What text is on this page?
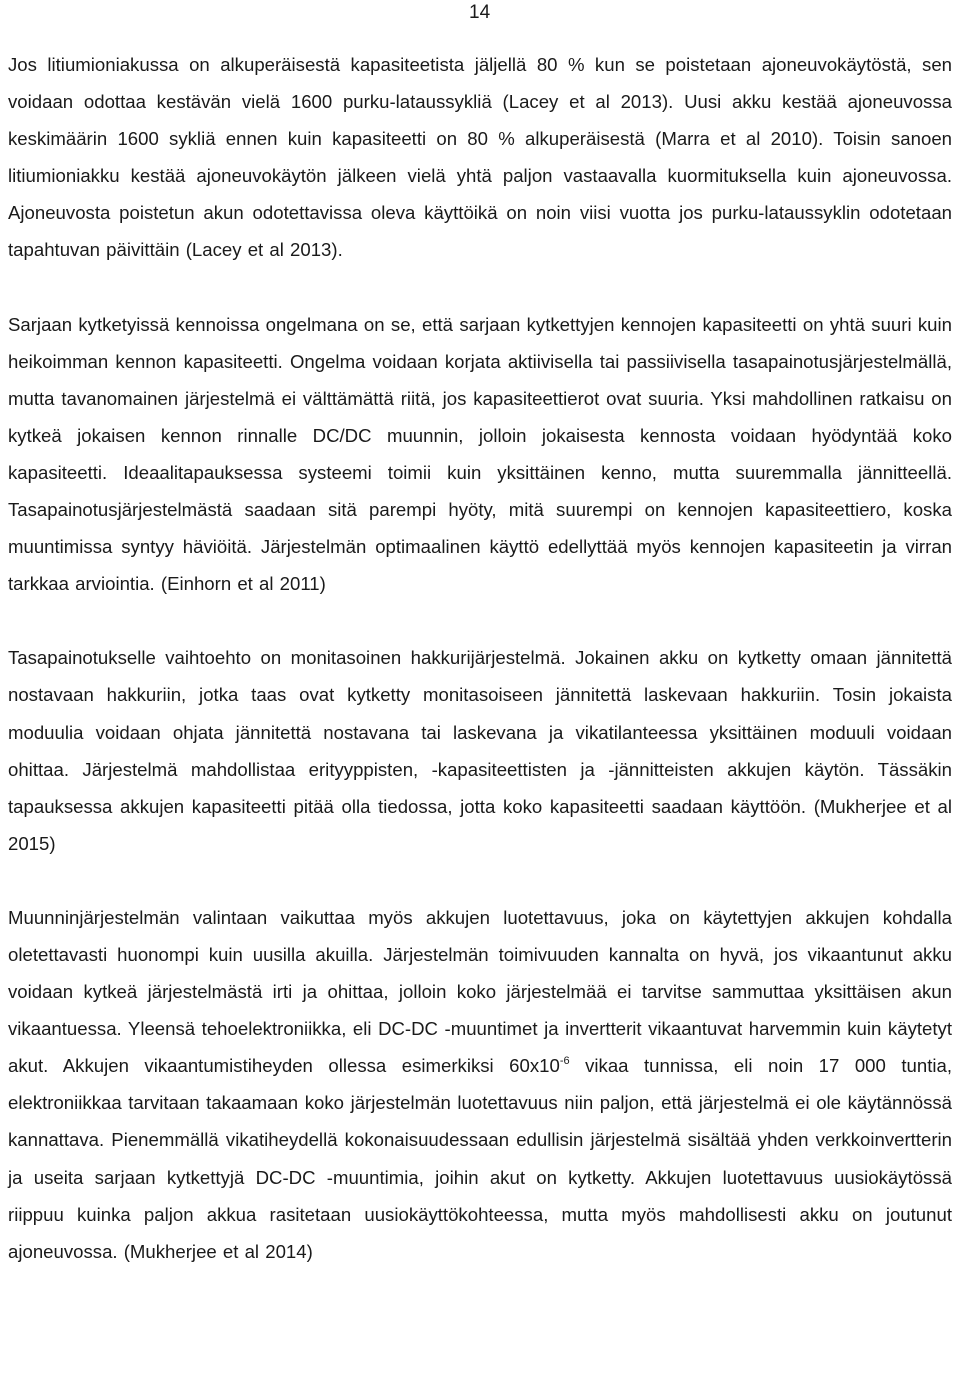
14

Jos litiumioniakussa on alkuperäisestä kapasiteetista jäljellä 80 % kun se poistetaan ajoneuvokäytöstä, sen voidaan odottaa kestävän vielä 1600 purku-lataussykliä (Lacey et al 2013). Uusi akku kestää ajoneuvossa keskimäärin 1600 sykliä ennen kuin kapasiteetti on 80 % alkuperäisestä (Marra et al 2010). Toisin sanoen litiumioniakku kestää ajoneuvokäytön jälkeen vielä yhtä paljon vastaavalla kuormituksella kuin ajoneuvossa. Ajoneuvosta poistetun akun odotettavissa oleva käyttöikä on noin viisi vuotta jos purku-lataussyklin odotetaan tapahtuvan päivittäin (Lacey et al 2013).

Sarjaan kytketyissä kennoissa ongelmana on se, että sarjaan kytkettyjen kennojen kapasiteetti on yhtä suuri kuin heikoimman kennon kapasiteetti. Ongelma voidaan korjata aktiivisella tai passiivisella tasapainotusjärjestelmällä, mutta tavanomainen järjestelmä ei välttämättä riitä, jos kapasiteettierot ovat suuria. Yksi mahdollinen ratkaisu on kytkeä jokaisen kennon rinnalle DC/DC muunnin, jolloin jokaisesta kennosta voidaan hyödyntää koko kapasiteetti. Ideaalitapauksessa systeemi toimii kuin yksittäinen kenno, mutta suuremmalla jännitteellä. Tasapainotusjärjestelmästä saadaan sitä parempi hyöty, mitä suurempi on kennojen kapasiteettiero, koska muuntimissa syntyy häviöitä. Järjestelmän optimaalinen käyttö edellyttää myös kennojen kapasiteetin ja virran tarkkaa arviointia. (Einhorn et al 2011)

Tasapainotukselle vaihtoehto on monitasoinen hakkurijärjestelmä. Jokainen akku on kytketty omaan jännitettä nostavaan hakkuriin, jotka taas ovat kytketty monitasoiseen jännitettä laskevaan hakkuriin. Tosin jokaista moduulia voidaan ohjata jännitettä nostavana tai laskevana ja vikatilanteessa yksittäinen moduuli voidaan ohittaa. Järjestelmä mahdollistaa erityyppisten, -kapasiteettisten ja -jännitteisten akkujen käytön. Tässäkin tapauksessa akkujen kapasiteetti pitää olla tiedossa, jotta koko kapasiteetti saadaan käyttöön. (Mukherjee et al 2015)

Muunninjärjestelmän valintaan vaikuttaa myös akkujen luotettavuus, joka on käytettyjen akkujen kohdalla oletettavasti huonompi kuin uusilla akuilla. Järjestelmän toimivuuden kannalta on hyvä, jos vikaantunut akku voidaan kytkeä järjestelmästä irti ja ohittaa, jolloin koko järjestelmää ei tarvitse sammuttaa yksittäisen akun vikaantuessa. Yleensä tehoelektroniikka, eli DC-DC -muuntimet ja invertterit vikaantuvat harvemmin kuin käytetyt akut. Akkujen vikaantumistiheyden ollessa esimerkiksi $60x10^{-6}$ vikaa tunnissa, eli noin 17 000 tuntia, elektroniikkaa tarvitaan takaamaan koko järjestelmän luotettavuus niin paljon, että järjestelmä ei ole käytännössä kannattava. Pienemmällä vikatiheydellä kokonaisuudessaan edullisin järjestelmä sisältää yhden verkkoinvertterin ja useita sarjaan kytkettyjä DC-DC -muuntimia, joihin akut on kytketty. Akkujen luotettavuus uusiokäytössä riippuu kuinka paljon akkua rasitetaan uusiokäyttökohteessa, mutta myös mahdollisesti akku on joutunut ajoneuvossa. (Mukherjee et al 2014)
